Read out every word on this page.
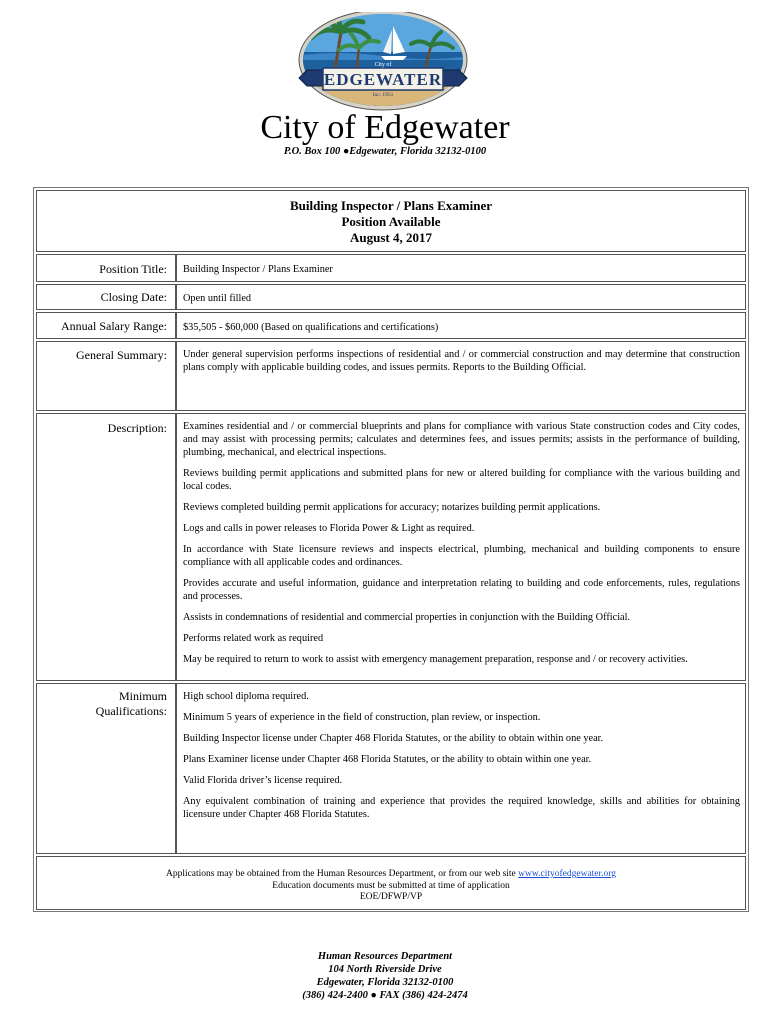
City of
EDGEWATER
Inc. 1951
City of Edgewater
P.O. Box 100 ●Edgewater, Florida 32132-0100
Building Inspector / Plans Examiner
Position Available
August 4, 2017
Position Title:	Building Inspector / Plans Examiner
Closing Date:	Open until filled
Annual Salary Range:	$35,505 - $60,000 (Based on qualifications and certifications)
General Summary:	Under general supervision performs inspections of residential and / or commercial construction and may determine that construction plans comply with applicable building codes, and issues permits. Reports to the Building Official.

Description:	Examines residential and / or commercial blueprints and plans for compliance with various State construction codes and City codes, and may assist with processing permits; calculates and determines fees, and issues permits; assists in the performance of building, plumbing, mechanical, and electrical inspections.

Reviews building permit applications and submitted plans for new or altered building for compliance with the various building and local codes.

Reviews completed building permit applications for accuracy; notarizes building permit applications.

Logs and calls in power releases to Florida Power & Light as required.

In accordance with State licensure reviews and inspects electrical, plumbing, mechanical and building components to ensure compliance with all applicable codes and ordinances.

Provides accurate and useful information, guidance and interpretation relating to building and code enforcements, rules, regulations and processes.

Assists in condemnations of residential and commercial properties in conjunction with the Building Official.

Performs related work as required

May be required to return to work to assist with emergency management preparation, response and / or recovery activities.

Minimum
Qualifications:

High school diploma required.

Minimum 5 years of experience in the field of construction, plan review, or inspection.

Building Inspector license under Chapter 468 Florida Statutes, or the ability to obtain within one year.

Plans Examiner license under Chapter 468 Florida Statutes, or the ability to obtain within one year.

Valid Florida driver’s license required.

Any equivalent combination of training and experience that provides the required knowledge, skills and abilities for obtaining licensure under Chapter 468 Florida Statutes.

Applications may be obtained from the Human Resources Department, or from our web site www.cityofedgewater.org
Education documents must be submitted at time of application
EOE/DFWP/VP
Human Resources Department
104 North Riverside Drive
Edgewater, Florida 32132-0100
(386) 424-2400 ● FAX (386) 424-2474
